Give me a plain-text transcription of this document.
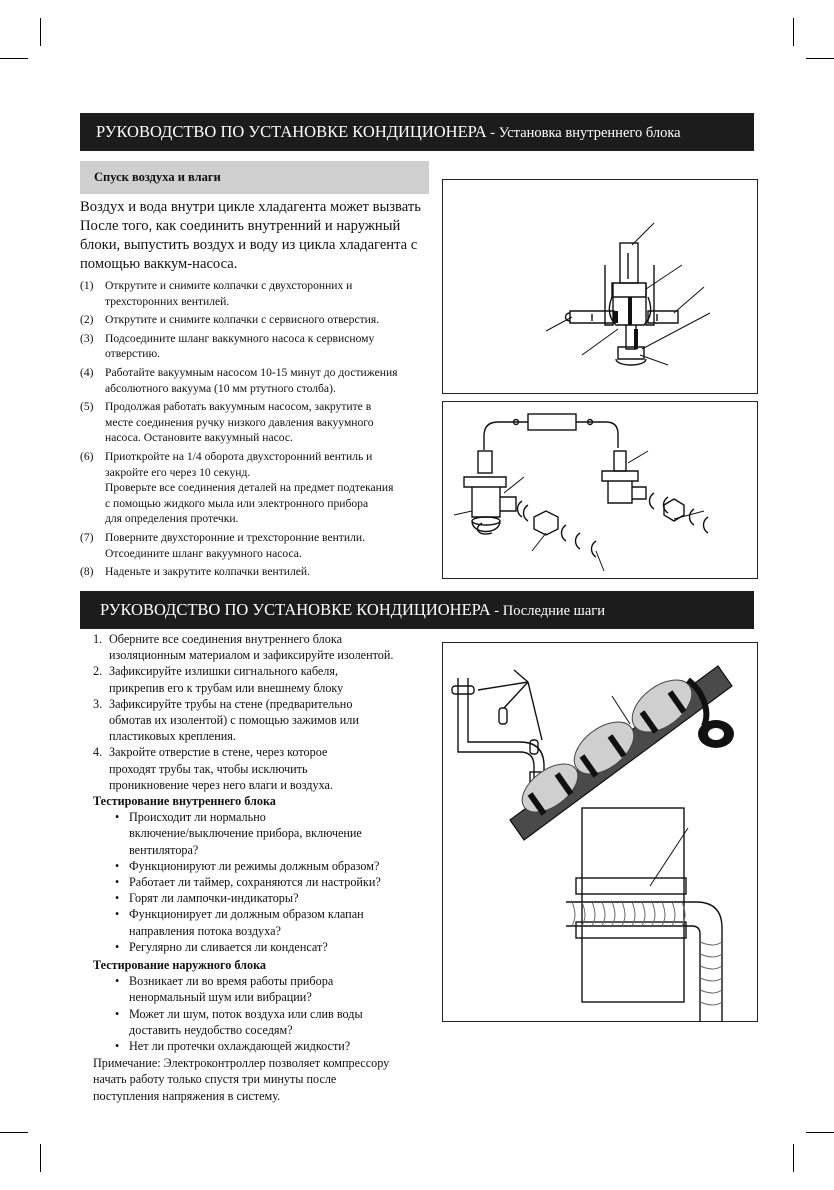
РУКОВОДСТВО ПО УСТАНОВКЕ КОНДИЦИОНЕРА - Установка внутреннего блока
Спуск воздуха и влаги
Воздух и вода внутри цикле хладагента может вызвать
После того, как соединить внутренний и наружный
блоки, выпустить воздух и воду из цикла хладагента с
помощью ваккум-насоса.
(1) Открутите и снимите колпачки с двухсторонних и
трехсторонних вентилей.
(2) Открутите и снимите колпачки с сервисного отверстия.
(3) Подсоедините шланг ваккумного насоса к сервисному
отверстию.
(4) Работайте вакуумным насосом 10-15 минут до достижения
абсолютного вакуума (10 мм ртутного столба).
(5) Продолжая работать вакуумным насосом, закрутите в
месте соединения ручку низкого давления вакуумного
насоса. Остановите вакуумный насос.
(6) Приоткройте на 1/4 оборота двухсторонний вентиль и
закройте его через 10 секунд.
Проверьте все соединения деталей на предмет подтекания
с помощью жидкого мыла или электронного прибора
для определения протечки.
(7) Поверните двухсторонние и трехсторонние вентили.
Отсоедините шланг вакуумного насоса.
(8) Наденьте и закрутите колпачки вентилей.
РУКОВОДСТВО ПО УСТАНОВКЕ КОНДИЦИОНЕРА - Последние шаги
1. Оберните все соединения внутреннего блока
изоляционным материалом и зафиксируйте изолентой.
2. Зафиксируйте излишки сигнального кабеля,
прикрепив его к трубам или внешнему блоку
3. Зафиксируйте трубы на стене (предварительно
обмотав их изолентой) с помощью зажимов или
пластиковых крепления.
4. Закройте отверстие в стене, через которое
проходят трубы так, чтобы исключить
проникновение через него влаги и воздуха.
Тестирование внутреннего блока
• Происходит ли нормально
включение/выключение прибора, включение
вентилятора?
• Функционируют ли режимы должным образом?
• Работает ли таймер, сохраняются ли настройки?
• Горят ли лампочки-индикаторы?
• Функционирует ли должным образом клапан
направления потока воздуха?
• Регулярно ли сливается ли конденсат?
Тестирование наружного блока
• Возникает ли во время работы прибора
ненормальный шум или вибрации?
• Может ли шум, поток воздуха или слив воды
доставить неудобство соседям?
• Нет ли протечки охлаждающей жидкости?
Примечание: Электроконтроллер позволяет компрессору
начать работу только спустя три минуты после
поступления напряжения в систему.
